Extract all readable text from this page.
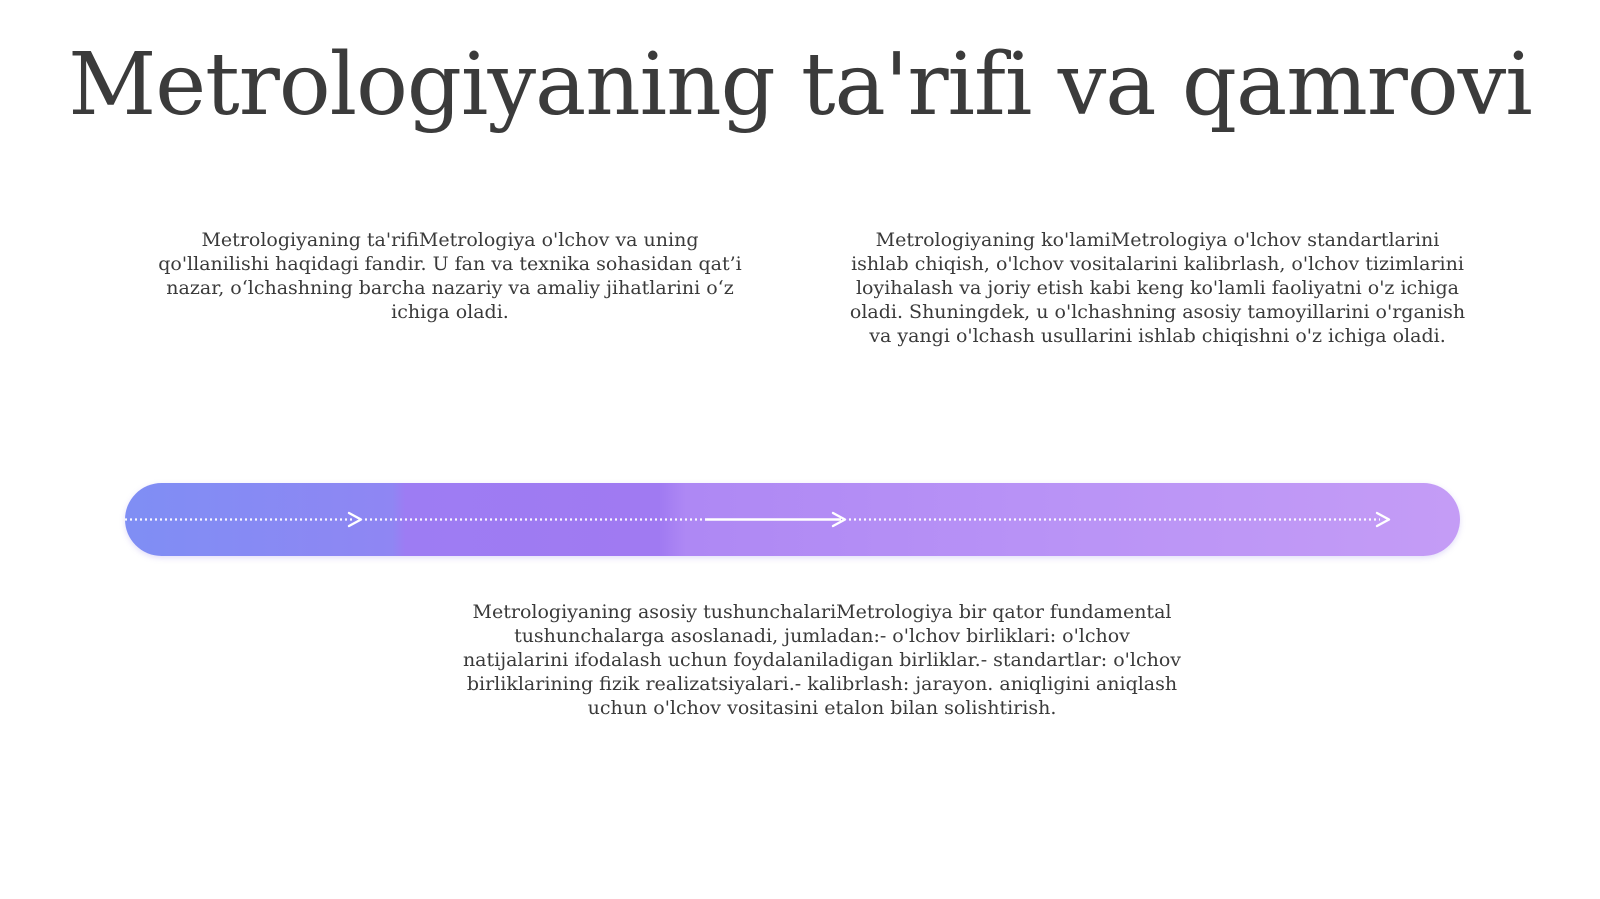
Metrologiyaning ta'rifi va qamrovi

Metrologiyaning ta'rifiMetrologiya o'lchov va uning qo'llanilishi haqidagi fandir. U fan va texnika sohasidan qat’i nazar, o‘lchashning barcha nazariy va amaliy jihatlarini o‘z ichiga oladi.

Metrologiyaning ko'lamiMetrologiya o'lchov standartlarini ishlab chiqish, o'lchov vositalarini kalibrlash, o'lchov tizimlarini loyihalash va joriy etish kabi keng ko'lamli faoliyatni o'z ichiga oladi. Shuningdek, u o'lchashning asosiy tamoyillarini o'rganish va yangi o'lchash usullarini ishlab chiqishni o'z ichiga oladi.

Metrologiyaning asosiy tushunchalariMetrologiya bir qator fundamental tushunchalarga asoslanadi, jumladan:- o'lchov birliklari: o'lchov natijalarini ifodalash uchun foydalaniladigan birliklar.- standartlar: o'lchov birliklarining fizik realizatsiyalari.- kalibrlash: jarayon. aniqligini aniqlash uchun o'lchov vositasini etalon bilan solishtirish.
